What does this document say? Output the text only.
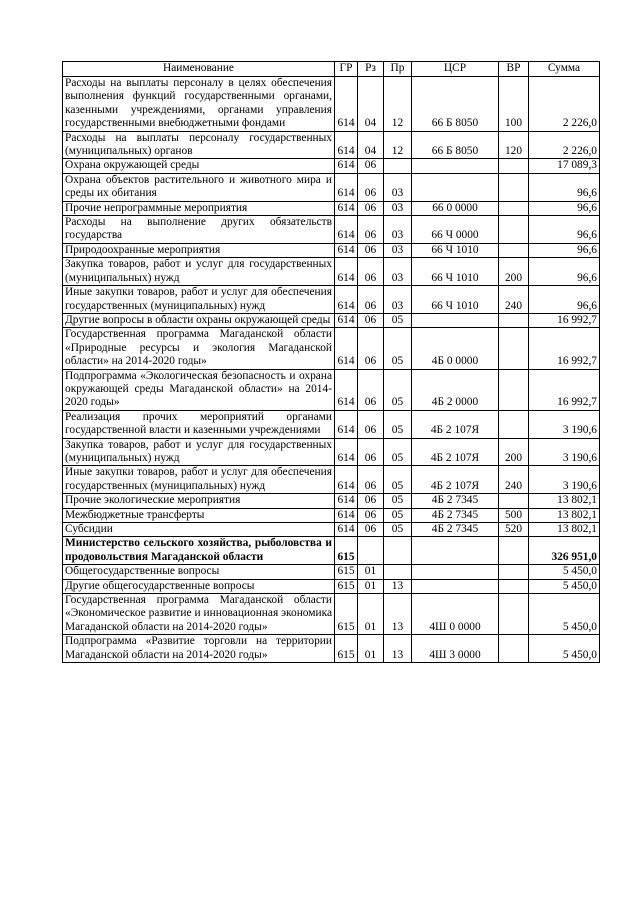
Наименование	ГР	Рз	Пр	ЦСР	ВР	Сумма
Расходы на выплаты персоналу в целях обеспечения выполнения функций государственными органами, казенными учреждениями, органами управления государственными внебюджетными фондами	614	04	12	66 Б 8050	100	2 226,0
Расходы на выплаты персоналу государственных (муниципальных) органов	614	04	12	66 Б 8050	120	2 226,0
Охрана окружающей среды	614	06				17 089,3
Охрана объектов растительного и животного мира и среды их обитания	614	06	03			96,6
Прочие непрограммные мероприятия	614	06	03	66 0 0000		96,6
Расходы на выполнение других обязательств государства	614	06	03	66 Ч 0000		96,6
Природоохранные мероприятия	614	06	03	66 Ч 1010		96,6
Закупка товаров, работ и услуг для государственных (муниципальных) нужд	614	06	03	66 Ч 1010	200	96,6
Иные закупки товаров, работ и услуг для обеспечения государственных (муниципальных) нужд	614	06	03	66 Ч 1010	240	96,6
Другие вопросы в области охраны окружающей среды	614	06	05			16 992,7
Государственная программа Магаданской области «Природные ресурсы и экология Магаданской области» на 2014-2020 годы»	614	06	05	4Б 0 0000		16 992,7
Подпрограмма «Экологическая безопасность и охрана окружающей среды Магаданской области» на 2014-2020 годы»	614	06	05	4Б 2 0000		16 992,7
Реализация прочих мероприятий органами государственной власти и казенными учреждениями	614	06	05	4Б 2 107Я		3 190,6
Закупка товаров, работ и услуг для государственных (муниципальных) нужд	614	06	05	4Б 2 107Я	200	3 190,6
Иные закупки товаров, работ и услуг для обеспечения государственных (муниципальных) нужд	614	06	05	4Б 2 107Я	240	3 190,6
Прочие экологические мероприятия	614	06	05	4Б 2 7345		13 802,1
Межбюджетные трансферты	614	06	05	4Б 2 7345	500	13 802,1
Субсидии	614	06	05	4Б 2 7345	520	13 802,1
Министерство сельского хозяйства, рыболовства и продовольствия Магаданской области	615					326 951,0
Общегосударственные вопросы	615	01				5 450,0
Другие общегосударственные вопросы	615	01	13			5 450,0
Государственная программа Магаданской области «Экономическое развитие и инновационная экономика Магаданской области на 2014-2020 годы»	615	01	13	4Ш 0 0000		5 450,0
Подпрограмма «Развитие торговли на территории Магаданской области на 2014-2020 годы»	615	01	13	4Ш 3 0000		5 450,0
